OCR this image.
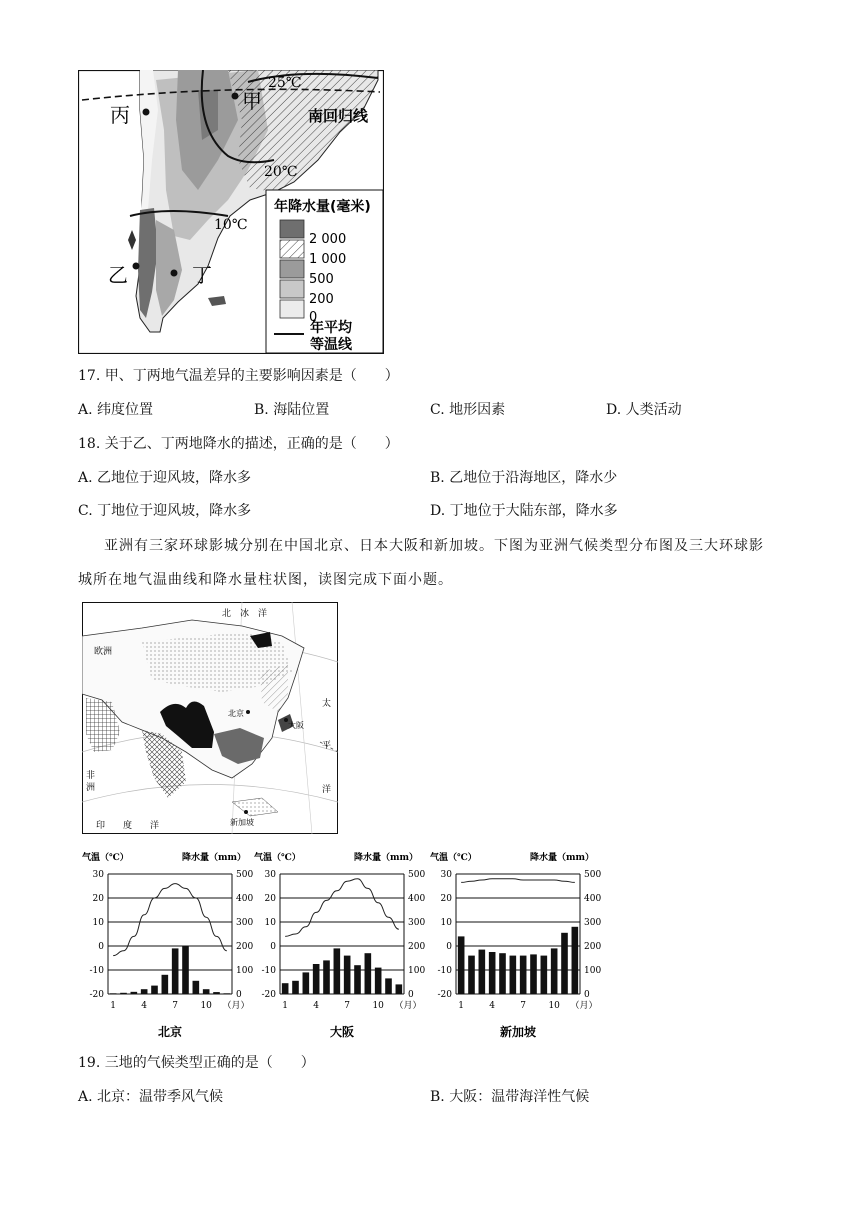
丙
甲
乙	丁
25℃
20℃
10℃
南回归线
年降水量(毫米)
2 000
1 000
500
200
0
年平均
等温线
17. 甲、丁两地气温差异的主要影响因素是（　　）
A. 纬度位置	B. 海陆位置	C. 地形因素	D. 人类活动
18. 关于乙、丁两地降水的描述，正确的是（　　）
A. 乙地位于迎风坡，降水多	B. 乙地位于沿海地区，降水少
C. 丁地位于迎风坡，降水多	D. 丁地位于大陆东部，降水多
亚洲有三家环球影城分别在中国北京、日本大阪和新加坡。下图为亚洲气候类型分布图及三大环球影
城所在地气温曲线和降水量柱状图，读图完成下面小题。
北　冰　洋
欧洲
北京
大阪
太
平
洋
非
洲
印　　度　　洋	新加坡
气温（℃）	降水量（mm）
30	500
20	400
10	300
0	200
-10	100
-20	0
1	4	7 10 （月）
北京
气温（℃）	降水量（mm）
30	500
20	400
10	300
0	200
-10	100
-20	0
1	4	7 10 （月）
大阪
气温（℃）	降水量（mm）
30	500
20	400
10	300
0	200
-10	100
-20	0
1	4	7 10 （月）
新加坡
19. 三地的气候类型正确的是（　　）
A. 北京：温带季风气候	B. 大阪：温带海洋性气候
